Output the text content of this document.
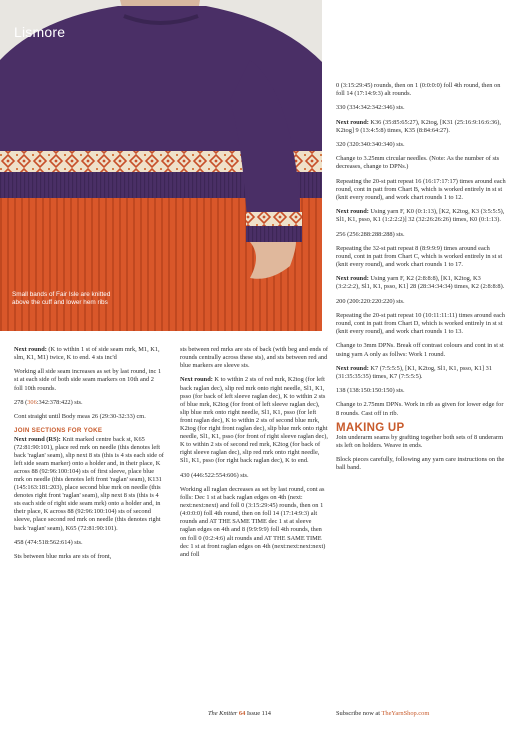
Lismore
Small bands of Fair Isle are knitted above the cuff and lower hem ribs

Next round: (K to within 1 st of side seam mrk, M1, K1, slm, K1, M1) twice, K to end. 4 sts inc'd

Working all side seam increases as set by last round, inc 1 st at each side of both side seam markers on 10th and 2 foll 10th rounds.

278 (306:342:378:422) sts.

Cont straight until Body meas 26 (29:30-32:33) cm.

JOIN SECTIONS FOR YOKE

Next round (RS): Knit marked centre back st, K65 (72:81:90:101), place red mrk on needle (this denotes left back 'raglan' seam), slip next 8 sts (this is 4 sts each side of left side seam marker) onto a holder and, in their place, K across 88 (92:96:100:104) sts of first sleeve, place blue mrk on needle (this denotes left front 'raglan' seam), K131 (145:163:181:203), place second blue mrk on needle (this denotes right front 'raglan' seam), slip next 8 sts (this is 4 sts each side of right side seam mrk) onto a holder and, in their place, K across 88 (92:96:100:104) sts of second sleeve, place second red mrk on needle (this denotes right back 'raglan' seam), K65 (72:81:90:101).

458 (474:518:562:614) sts.

Sts between blue mrks are sts of front,

sts between red mrks are sts of back (with beg and ends of rounds centrally across these sts), and sts between red and blue markers are sleeve sts.

Next round: K to within 2 sts of red mrk, K2tog (for left back raglan dec), slip red mrk onto right needle, Sl1, K1, psso (for back of left sleeve raglan dec), K to within 2 sts of blue mrk, K2tog (for front of left sleeve raglan dec), slip blue mrk onto right needle, Sl1, K1, psso (for left front raglan dec), K to within 2 sts of second blue mrk, K2tog (for right front raglan dec), slip blue mrk onto right needle, Sl1, K1, psso (for front of right sleeve raglan dec), K to within 2 sts of second red mrk, K2tog (for back of right sleeve raglan dec), slip red mrk onto right needle, Sl1, K1, psso (for right back raglan dec), K to end.

430 (446:522:554:606) sts.

Working all raglan decreases as set by last round, cont as folls: Dec 1 st at back raglan edges on 4th (next: next:next:next) and foll 0 (3:15:29:45) rounds, then on 1 (4:0:0:0) foll 4th round, then on foll 14 (17:14:9:3) alt rounds and AT THE SAME TIME dec 1 st at sleeve raglan edges on 4th and 8 (9:9:9:9) foll 4th rounds, then on foll 0 (0:2:4:6) alt rounds and AT THE SAME TIME dec 1 st at front raglan edges on 4th (next:next:next:next) and foll

0 (3:15:29:45) rounds, then on 1 (0:0:0:0) foll 4th round, then on foll 14 (17:14:9:3) alt rounds.

330 (334:342:342:346) sts.

Next round: K36 (35:85:65:27), K2tog, [K31 (25:16:9:16:6:36), K2tog] 9 (13:4:5:8) times, K35 (8:84:64:27).

320 (320:340:340:340) sts.

Change to 3.25mm circular needles. (Note: As the number of sts decreases, change to DPNs.)

Repeating the 20-st patt repeat 16 (16:17:17:17) times around each round, cont in patt from Chart B, which is worked entirely in st st (knit every round), and work chart rounds 1 to 12.

Next round: Using yarn F, K0 (0:1:13), [K2, K2tog, K3 (3:5:5:5), Sl1, K1, psso, K1 (1:2:2:2)] 32 (32:26:26:26) times, K0 (0:1:13).

256 (256:288:288:288) sts.

Repeating the 32-st patt repeat 8 (8:9:9:9) times around each round, cont in patt from Chart C, which is worked entirely in st st (knit every round), and work chart rounds 1 to 17.

Next round: Using yarn F, K2 (2:8:8:8), [K1, K2tog, K3 (3:2:2:2), Sl1, K1, psso, K1] 28 (28:34:34:34) times, K2 (2:8:8:8).

200 (200:220:220:220) sts.

Repeating the 20-st patt repeat 10 (10:11:11:11) times around each round, cont in patt from Chart D, which is worked entirely in st st (knit every round), and work chart rounds 1 to 13.

Change to 3mm DPNs. Break off contrast colours and cont in st st using yarn A only as follws: Work 1 round.

Next round: K7 (7:5:5:5), [K1, K2tog, Sl1, K1, psso, K1] 31 (31:35:35:35) times, K7 (7:5:5:5).

138 (138:150:150:150) sts.

Change to 2.75mm DPNs. Work in rib as given for lower edge for 8 rounds. Cast off in rib.

MAKING UP

Join underarm seams by grafting together both sets of 8 underarm sts left on holders. Weave in ends.

Block pieces carefully, following any yarn care instructions on the ball band.

The Knitter 64 Issue 114	Subscribe now at TheYarnShop.com
